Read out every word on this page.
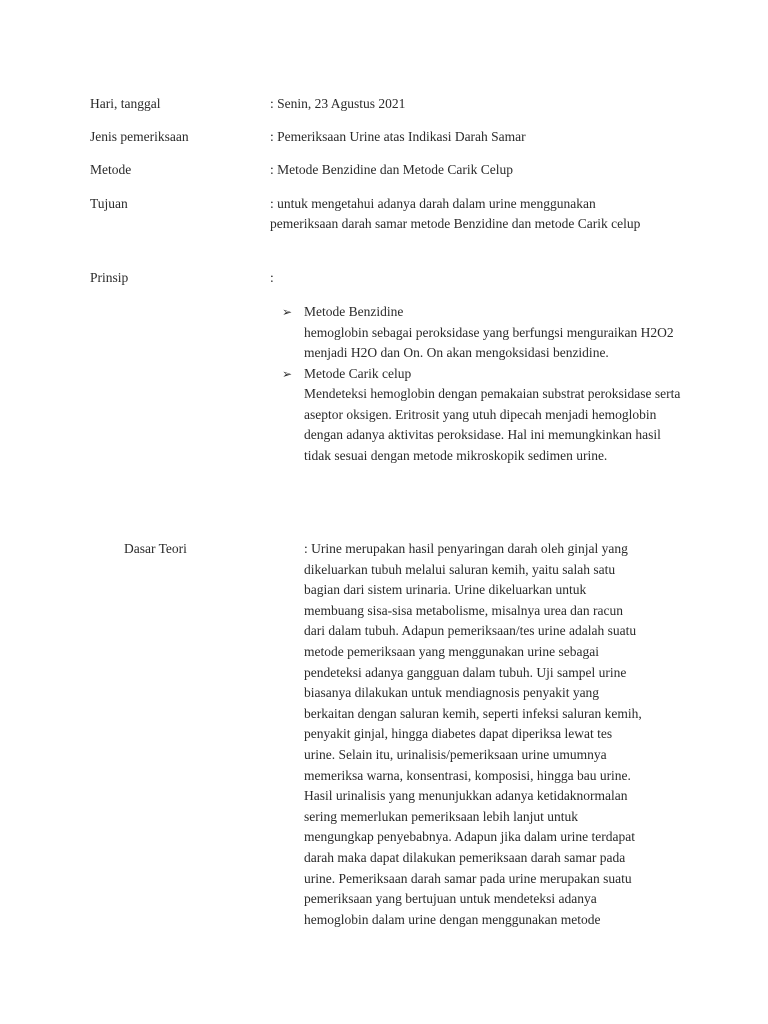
Hari, tanggal	: Senin, 23 Agustus 2021
Jenis pemeriksaan	: Pemeriksaan Urine atas Indikasi Darah Samar
Metode	: Metode Benzidine dan Metode Carik Celup
Tujuan	: untuk mengetahui adanya darah dalam urine menggunakan pemeriksaan darah samar metode Benzidine dan metode Carik celup
Prinsip	:
➢ Metode Benzidine
hemoglobin sebagai peroksidase yang berfungsi menguraikan H2O2 menjadi H2O dan On. On akan mengoksidasi benzidine.
➢ Metode Carik celup
Mendeteksi hemoglobin dengan pemakaian substrat peroksidase serta aseptor oksigen. Eritrosit yang utuh dipecah menjadi hemoglobin dengan adanya aktivitas peroksidase. Hal ini memungkinkan hasil tidak sesuai dengan metode mikroskopik sedimen urine.
Dasar Teori	: Urine merupakan hasil penyaringan darah oleh ginjal yang dikeluarkan tubuh melalui saluran kemih, yaitu salah satu bagian dari sistem urinaria. Urine dikeluarkan untuk membuang sisa-sisa metabolisme, misalnya urea dan racun dari dalam tubuh. Adapun pemeriksaan/tes urine adalah suatu metode pemeriksaan yang menggunakan urine sebagai pendeteksi adanya gangguan dalam tubuh. Uji sampel urine biasanya dilakukan untuk mendiagnosis penyakit yang berkaitan dengan saluran kemih, seperti infeksi saluran kemih, penyakit ginjal, hingga diabetes dapat diperiksa lewat tes urine. Selain itu, urinalisis/pemeriksaan urine umumnya memeriksa warna, konsentrasi, komposisi, hingga bau urine. Hasil urinalisis yang menunjukkan adanya ketidaknormalan sering memerlukan pemeriksaan lebih lanjut untuk mengungkap penyebabnya. Adapun jika dalam urine terdapat darah maka dapat dilakukan pemeriksaan darah samar pada urine. Pemeriksaan darah samar pada urine merupakan suatu pemeriksaan yang bertujuan untuk mendeteksi adanya hemoglobin dalam urine dengan menggunakan metode
